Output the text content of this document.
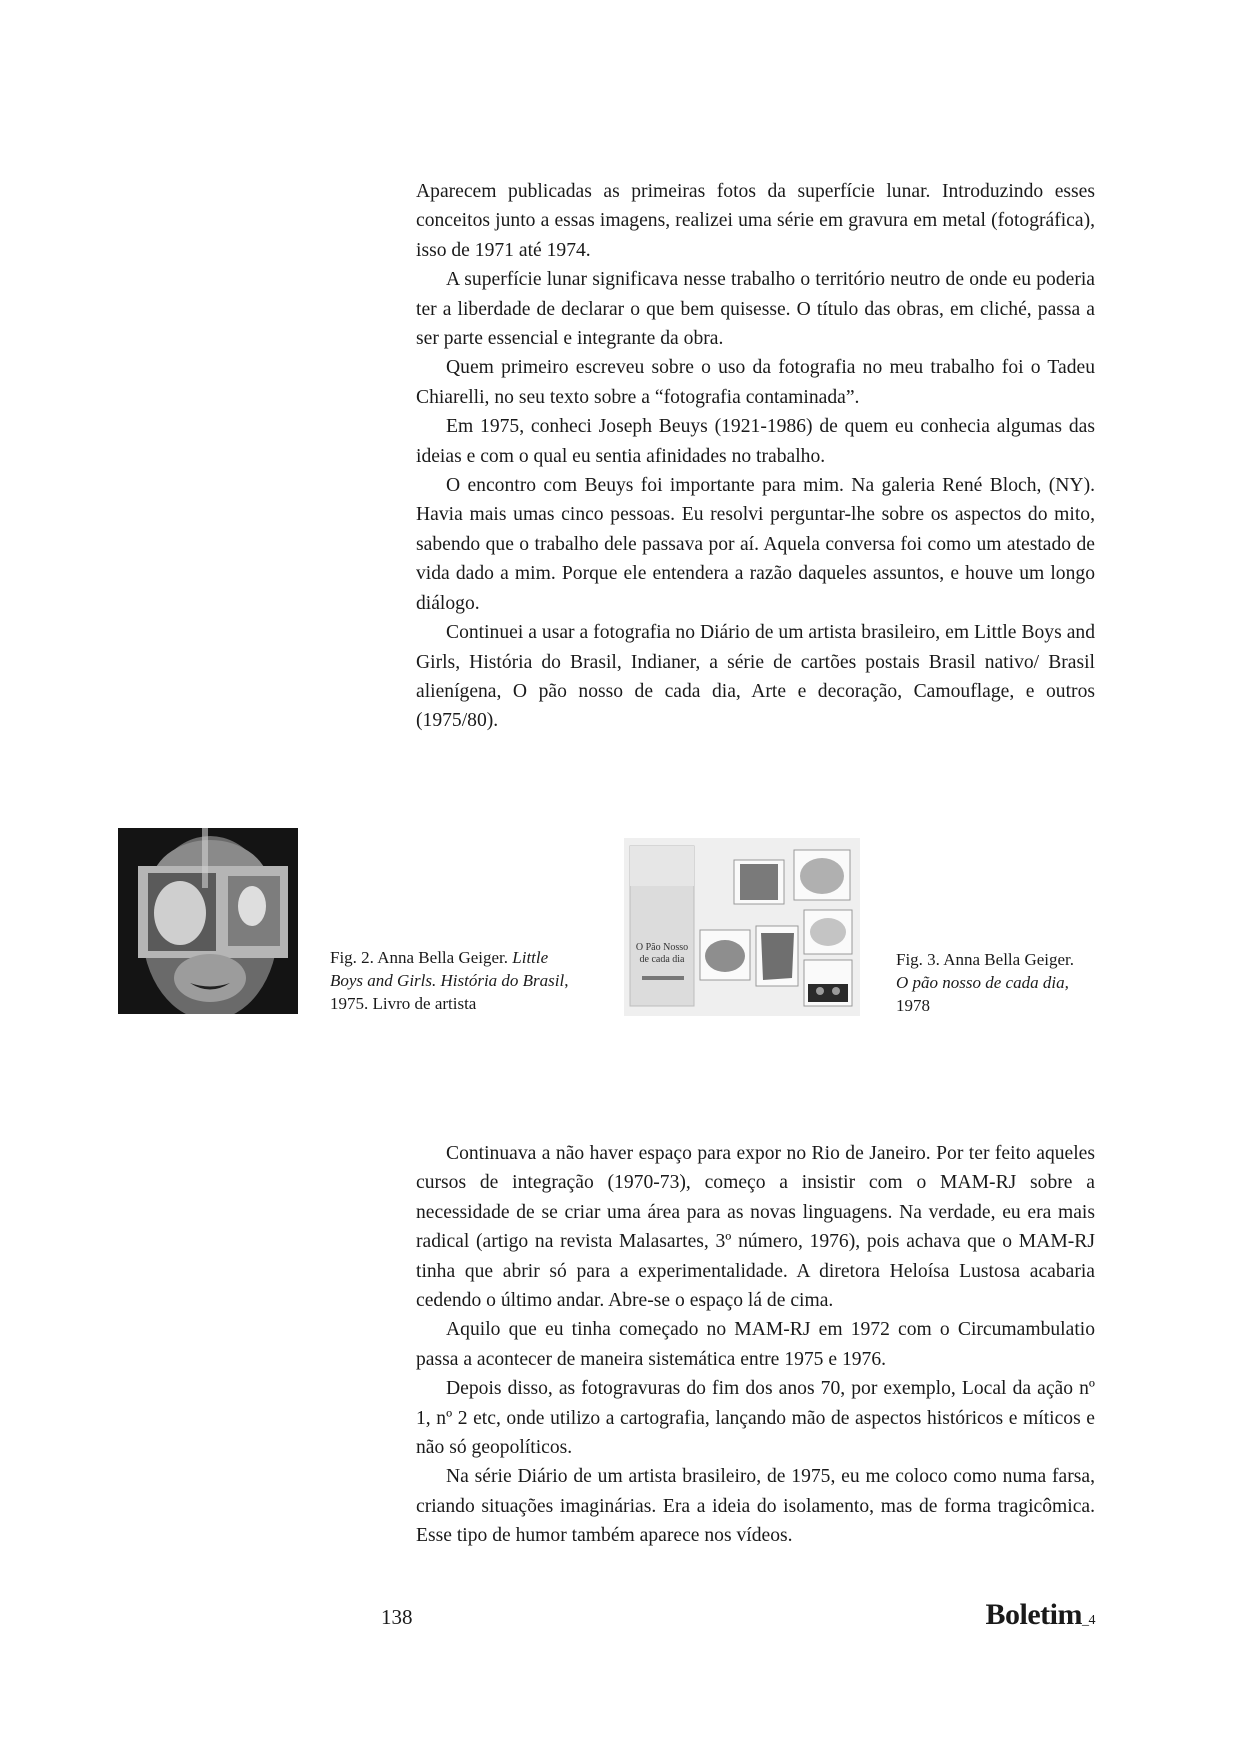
Aparecem publicadas as primeiras fotos da superfície lunar. Introduzindo esses conceitos junto a essas imagens, realizei uma série em gravura em metal (fotográfica), isso de 1971 até 1974.

A superfície lunar significava nesse trabalho o território neutro de onde eu poderia ter a liberdade de declarar o que bem quisesse. O título das obras, em cliché, passa a ser parte essencial e integrante da obra.

Quem primeiro escreveu sobre o uso da fotografia no meu trabalho foi o Tadeu Chiarelli, no seu texto sobre a “fotografia contaminada”.

Em 1975, conheci Joseph Beuys (1921-1986) de quem eu conhecia algumas das ideias e com o qual eu sentia afinidades no trabalho.

O encontro com Beuys foi importante para mim. Na galeria René Bloch, (NY). Havia mais umas cinco pessoas. Eu resolvi perguntar-lhe sobre os aspectos do mito, sabendo que o trabalho dele passava por aí. Aquela conversa foi como um atestado de vida dado a mim. Porque ele entendera a razão daqueles assuntos, e houve um longo diálogo.

Continuei a usar a fotografia no Diário de um artista brasileiro, em Little Boys and Girls, História do Brasil, Indianer, a série de cartões postais Brasil nativo/ Brasil alienígena, O pão nosso de cada dia, Arte e decoração, Camouflage, e outros (1975/80).

Fig. 2. Anna Bella Geiger. Little Boys and Girls. História do Brasil, 1975. Livro de artista
O Pão Nosso
de cada dia	Fig. 3. Anna Bella Geiger. O pão nosso de cada dia, 1978

Continuava a não haver espaço para expor no Rio de Janeiro. Por ter feito aqueles cursos de integração (1970-73), começo a insistir com o MAM-RJ sobre a necessidade de se criar uma área para as novas linguagens. Na verdade, eu era mais radical (artigo na revista Malasartes, 3º número, 1976), pois achava que o MAM-RJ tinha que abrir só para a experimentalidade. A diretora Heloísa Lustosa acabaria cedendo o último andar. Abre-se o espaço lá de cima.

Aquilo que eu tinha começado no MAM-RJ em 1972 com o Circumambulatio passa a acontecer de maneira sistemática entre 1975 e 1976.

Depois disso, as fotogravuras do fim dos anos 70, por exemplo, Local da ação nº 1, nº 2 etc, onde utilizo a cartografia, lançando mão de aspectos históricos e míticos e não só geopolíticos.

Na série Diário de um artista brasileiro, de 1975, eu me coloco como numa farsa, criando situações imaginárias. Era a ideia do isolamento, mas de forma tragicômica. Esse tipo de humor também aparece nos vídeos.

138	Boletim_4
